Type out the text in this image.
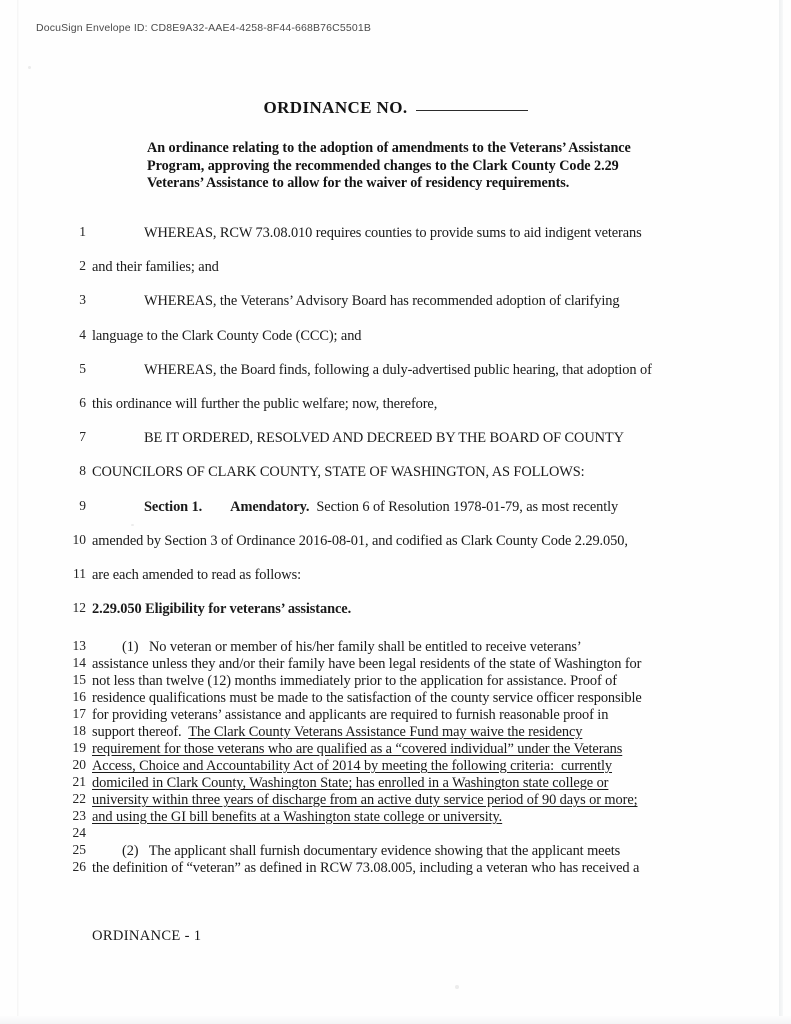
DocuSign Envelope ID: CD8E9A32-AAE4-4258-8F44-668B76C5501B
ORDINANCE NO.
An ordinance relating to the adoption of amendments to the Veterans’ Assistance Program, approving the recommended changes to the Clark County Code 2.29 Veterans’ Assistance to allow for the waiver of residency requirements.
1	WHEREAS, RCW 73.08.010 requires counties to provide sums to aid indigent veterans
2 and their families; and
3	WHEREAS, the Veterans’ Advisory Board has recommended adoption of clarifying
4 language to the Clark County Code (CCC); and
5	WHEREAS, the Board finds, following a duly-advertised public hearing, that adoption of
6 this ordinance will further the public welfare; now, therefore,
7	BE IT ORDERED, RESOLVED AND DECREED BY THE BOARD OF COUNTY
8 COUNCILORS OF CLARK COUNTY, STATE OF WASHINGTON, AS FOLLOWS:
9	Section 1. Amendatory.  Section 6 of Resolution 1978-01-79, as most recently
10 amended by Section 3 of Ordinance 2016-08-01, and codified as Clark County Code 2.29.050,
11 are each amended to read as follows:
12 2.29.050 Eligibility for veterans’ assistance.
13	(1)   No veteran or member of his/her family shall be entitled to receive veterans’
14 assistance unless they and/or their family have been legal residents of the state of Washington for
15 not less than twelve (12) months immediately prior to the application for assistance. Proof of
16 residence qualifications must be made to the satisfaction of the county service officer responsible
17 for providing veterans’ assistance and applicants are required to furnish reasonable proof in
18 support thereof.  The Clark County Veterans Assistance Fund may waive the residency
19 requirement for those veterans who are qualified as a “covered individual” under the Veterans
20 Access, Choice and Accountability Act of 2014 by meeting the following criteria:  currently
21 domiciled in Clark County, Washington State; has enrolled in a Washington state college or
22 university within three years of discharge from an active duty service period of 90 days or more;
23 and using the GI bill benefits at a Washington state college or university.
24
25	(2)   The applicant shall furnish documentary evidence showing that the applicant meets
26 the definition of “veteran” as defined in RCW 73.08.005, including a veteran who has received a
ORDINANCE - 1
